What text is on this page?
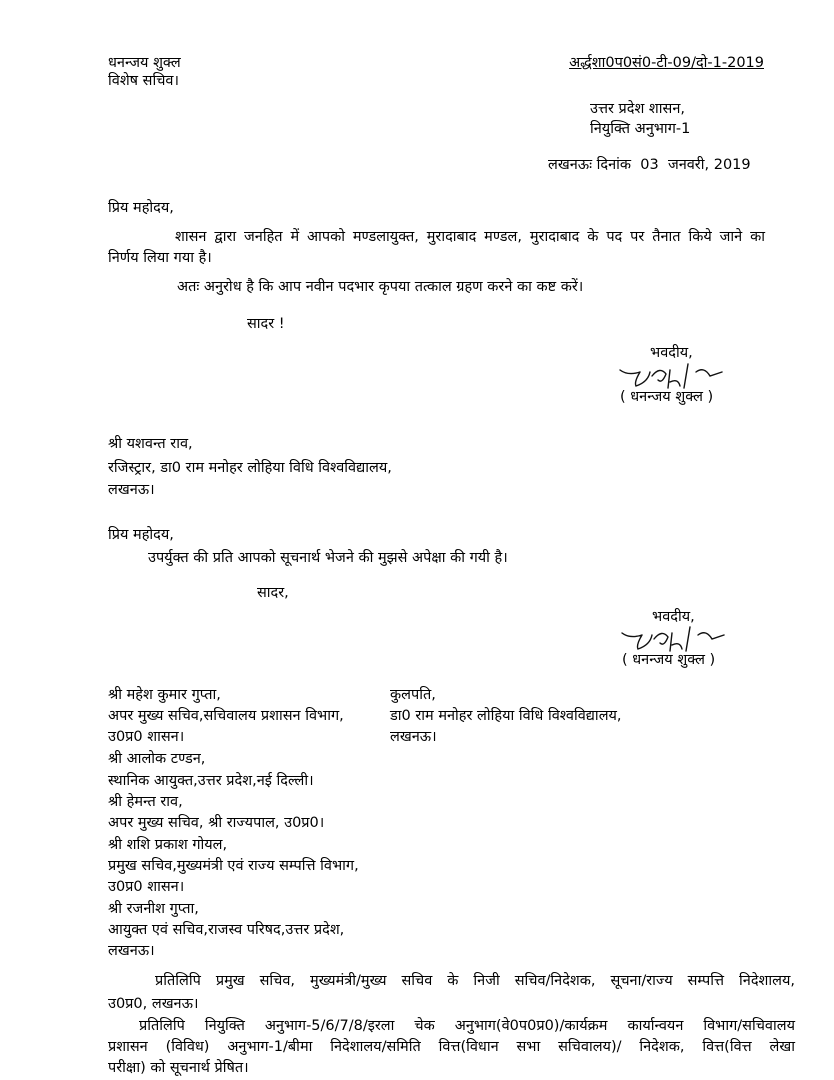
धनन्जय शुक्ल
विशेष सचिव।
अर्द्धशा0प0सं0-टी-09/दो-1-2019
उत्तर प्रदेश शासन,
नियुक्ति अनुभाग-1
लखनऊः दिनांक  03  जनवरी, 2019
प्रिय महोदय,
शासन द्वारा जनहित में आपको मण्डलायुक्त, मुरादाबाद मण्डल, मुरादाबाद के पद पर तैनात किये जाने का
निर्णय लिया गया है।
अतः अनुरोध है कि आप नवीन पदभार कृपया तत्काल ग्रहण करने का कष्ट करें।
सादर !
भवदीय,
( धनन्जय शुक्ल )
श्री यशवन्त राव,
रजिस्ट्रार, डा0 राम मनोहर लोहिया विधि विश्वविद्यालय,
लखनऊ।
प्रिय महोदय,
उपर्युक्त की प्रति आपको सूचनार्थ भेजने की मुझसे अपेक्षा की गयी है।
सादर,
भवदीय,
( धनन्जय शुक्ल )
श्री महेश कुमार गुप्ता,
अपर मुख्य सचिव,सचिवालय प्रशासन विभाग,
उ0प्र0 शासन।
श्री आलोक टण्डन,
स्थानिक आयुक्त,उत्तर प्रदेश,नई दिल्ली।
श्री हेमन्त राव,
अपर मुख्य सचिव, श्री राज्यपाल, उ0प्र0।
श्री शशि प्रकाश गोयल,
प्रमुख सचिव,मुख्यमंत्री एवं राज्य सम्पत्ति विभाग,
उ0प्र0 शासन।
श्री रजनीश गुप्ता,
आयुक्त एवं सचिव,राजस्व परिषद,उत्तर प्रदेश,
लखनऊ।
कुलपति,
डा0 राम मनोहर लोहिया विधि विश्वविद्यालय,
लखनऊ।
प्रतिलिपि प्रमुख सचिव, मुख्यमंत्री/मुख्य सचिव के निजी सचिव/निदेशक, सूचना/राज्य सम्पत्ति निदेशालय,
उ0प्र0, लखनऊ।
प्रतिलिपि नियुक्ति अनुभाग-5/6/7/8/इरला चेक अनुभाग(वे0प0प्र0)/कार्यक्रम कार्यान्वयन विभाग/सचिवालय
प्रशासन (विविध) अनुभाग-1/बीमा निदेशालय/समिति वित्त(विधान सभा सचिवालय)/ निदेशक, वित्त(वित्त लेखा
परीक्षा) को सूचनार्थ प्रेषित।
